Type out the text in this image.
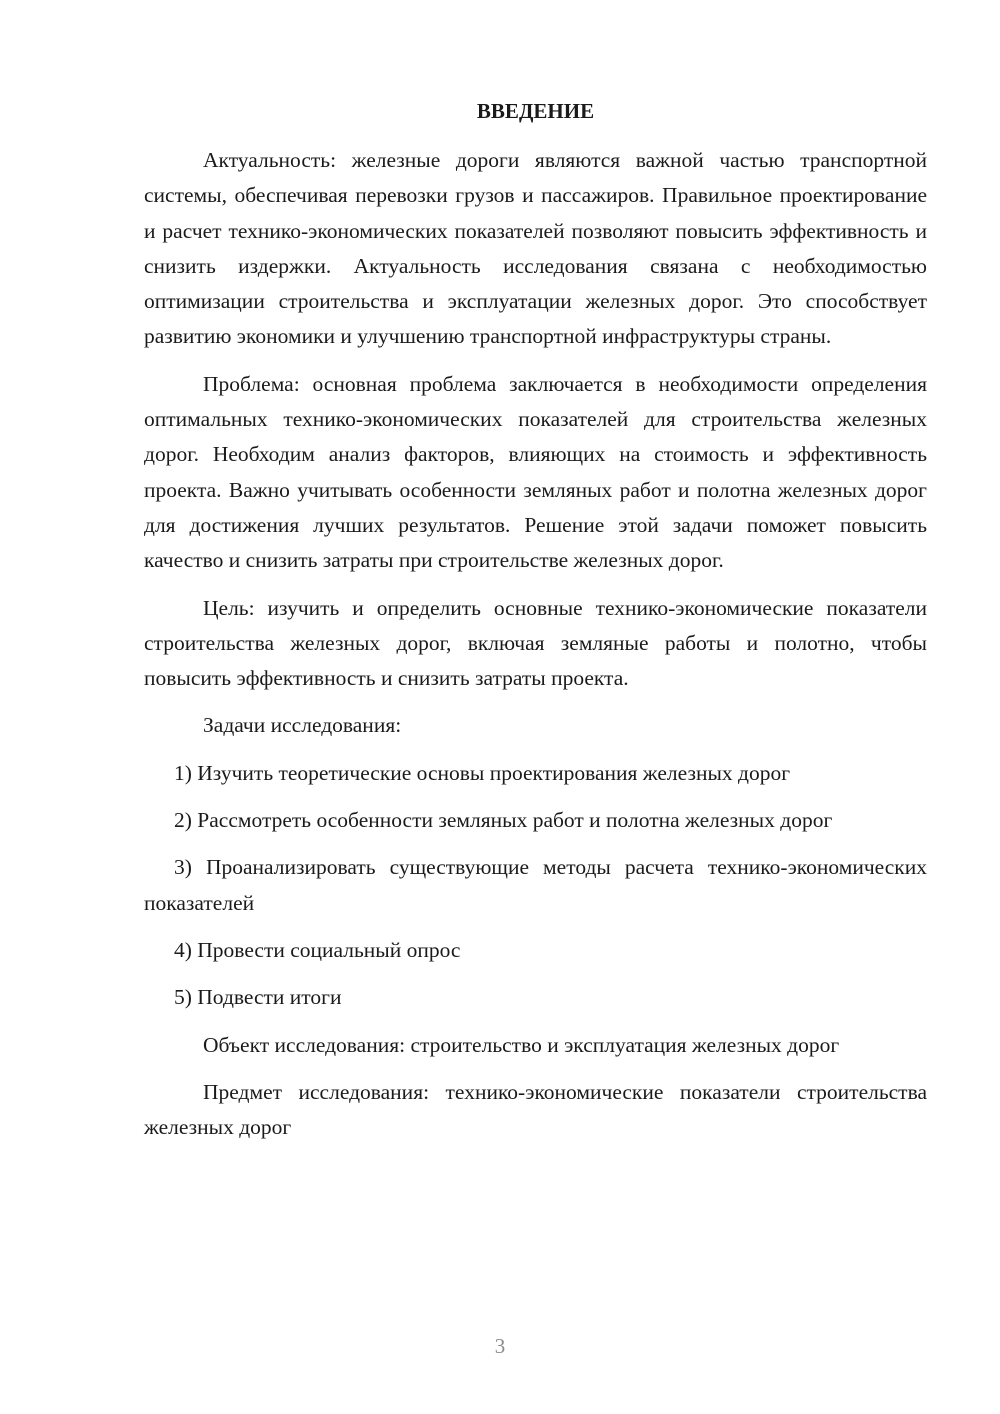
ВВЕДЕНИЕ

Актуальность: железные дороги являются важной частью транспортной системы, обеспечивая перевозки грузов и пассажиров. Правильное проектирование и расчет технико-экономических показателей позволяют повысить эффективность и снизить издержки. Актуальность исследования связана с необходимостью оптимизации строительства и эксплуатации железных дорог. Это способствует развитию экономики и улучшению транспортной инфраструктуры страны.

Проблема: основная проблема заключается в необходимости определения оптимальных технико-экономических показателей для строительства железных дорог. Необходим анализ факторов, влияющих на стоимость и эффективность проекта. Важно учитывать особенности земляных работ и полотна железных дорог для достижения лучших результатов. Решение этой задачи поможет повысить качество и снизить затраты при строительстве железных дорог.

Цель: изучить и определить основные технико-экономические показатели строительства железных дорог, включая земляные работы и полотно, чтобы повысить эффективность и снизить затраты проекта.

Задачи исследования:

1) Изучить теоретические основы проектирования железных дорог

2) Рассмотреть особенности земляных работ и полотна железных дорог

3) Проанализировать существующие методы расчета технико-экономических показателей

4) Провести социальный опрос

5) Подвести итоги

Объект исследования: строительство и эксплуатация железных дорог

Предмет исследования: технико-экономические показатели строительства железных дорог

3
